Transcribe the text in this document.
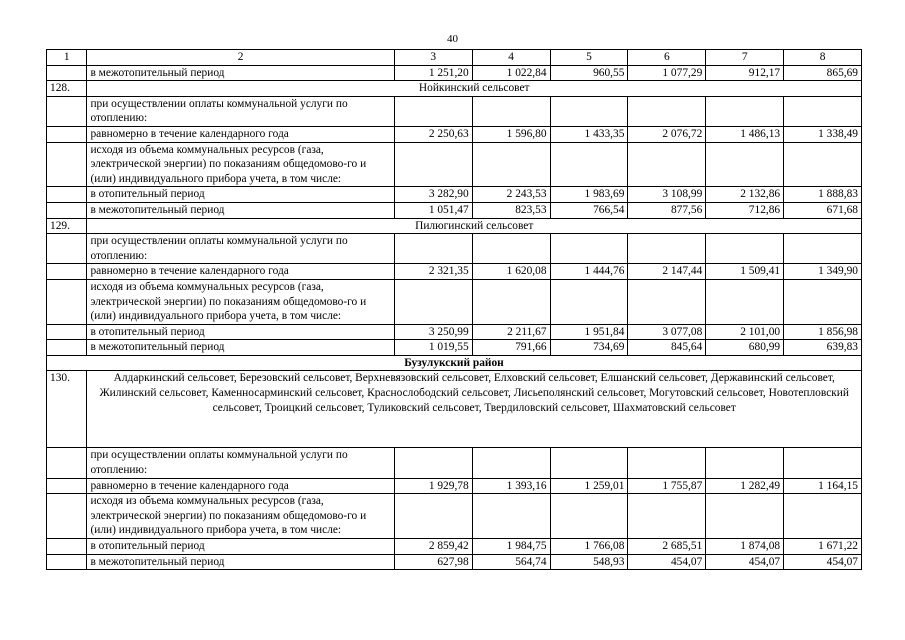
40
1	2	3	4	5	6	7	8
	в межотопительный период	1 251,20	1 022,84	960,55	1 077,29	912,17	865,69
128.	Нойкинский сельсовет						
	при осуществлении оплаты коммунальной услуги по отоплению:						
	равномерно в течение календарного года	2 250,63	1 596,80	1 433,35	2 076,72	1 486,13	1 338,49
	исходя из объема коммунальных ресурсов (газа, электрической энергии) по показаниям общедомово-го и (или) индивидуального прибора учета, в том числе:						
	в отопительный период	3 282,90	2 243,53	1 983,69	3 108,99	2 132,86	1 888,83
	в межотопительный период	1 051,47	823,53	766,54	877,56	712,86	671,68
129.	Пилюгинский сельсовет						
	при осуществлении оплаты коммунальной услуги по отоплению:						
	равномерно в течение календарного года	2 321,35	1 620,08	1 444,76	2 147,44	1 509,41	1 349,90
	исходя из объема коммунальных ресурсов (газа, электрической энергии) по показаниям общедомово-го и (или) индивидуального прибора учета, в том числе:						
	в отопительный период	3 250,99	2 211,67	1 951,84	3 077,08	2 101,00	1 856,98
	в межотопительный период	1 019,55	791,66	734,69	845,64	680,99	639,83
Бузулукский район							
130.	Алдаркинский сельсовет, Березовский сельсовет, Верхневязовский сельсовет, Елховский сельсовет, Елшанский сельсовет, Державинский сельсовет, Жилинский сельсовет, Каменносарминский сельсовет, Краснослободский сельсовет, Лисьеполянский сельсовет, Могутовский сельсовет, Новотепловский сельсовет, Троицкий сельсовет, Туликовский сельсовет, Твердиловский сельсовет, Шахматовский сельсовет						
	при осуществлении оплаты коммунальной услуги по отоплению:						
	равномерно в течение календарного года	1 929,78	1 393,16	1 259,01	1 755,87	1 282,49	1 164,15
	исходя из объема коммунальных ресурсов (газа, электрической энергии) по показаниям общедомово-го и (или) индивидуального прибора учета, в том числе:						
	в отопительный период	2 859,42	1 984,75	1 766,08	2 685,51	1 874,08	1 671,22
	в межотопительный период	627,98	564,74	548,93	454,07	454,07	454,07
